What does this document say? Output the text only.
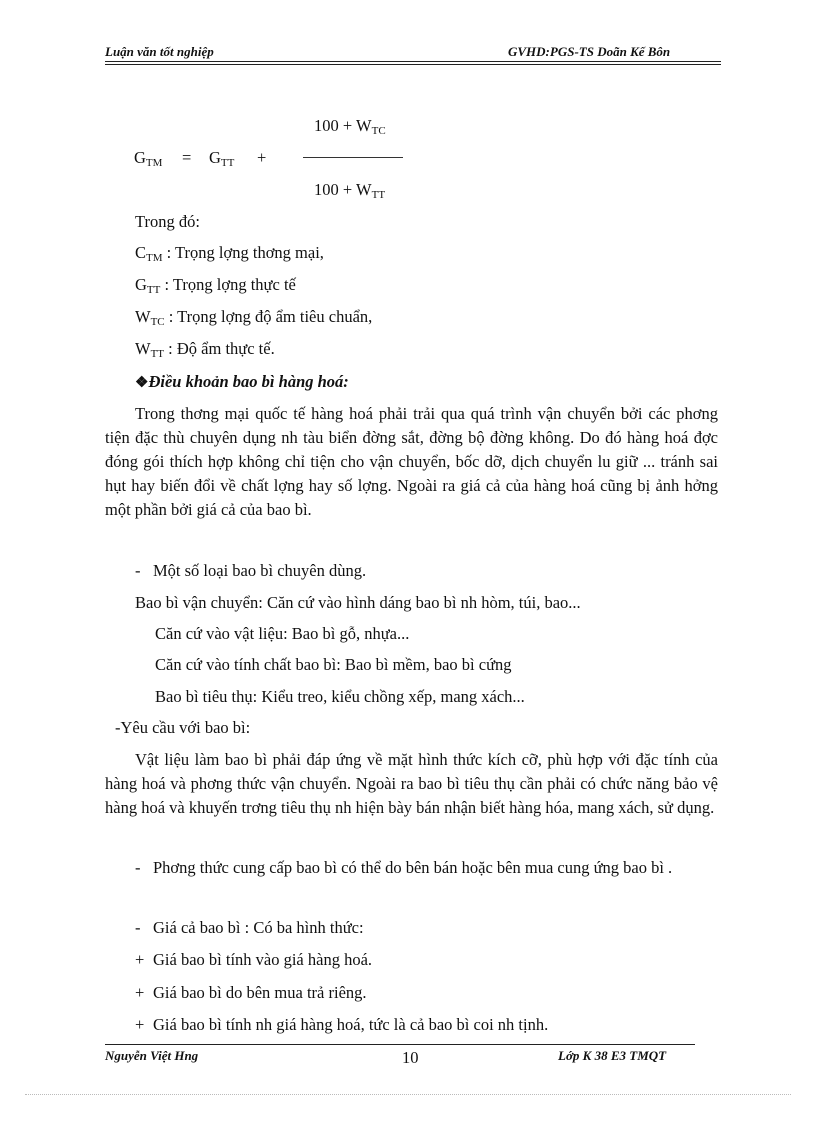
Luận văn tốt nghiệp	GVHD:PGS-TS Doãn Kế Bôn
$100 + W_{TC}$
$G_{TM} = G_{TT}$ +
$100 + W_{TT}$
Trong đó:
$C_{TM}$ : Trọng lợng thơng mại,
$G_{TT}$ : Trọng lợng thực tế
$W_{TC}$ : Trọng lợng độ ẩm tiêu chuẩn,
$W_{TT}$ : Độ ẩm thực tế.
❖Điều khoản bao bì hàng hoá:
Trong thơng mại quốc tế hàng hoá phải trải qua quá trình vận chuyển bởi các phơng tiện đặc thù chuyên dụng nh tàu biển đờng sắt, đờng bộ đờng không. Do đó hàng hoá đợc đóng gói thích hợp không chỉ tiện cho vận chuyển, bốc dỡ, dịch chuyển lu giữ ... tránh sai hụt hay biến đổi về chất lợng hay số lợng. Ngoài ra giá cả của hàng hoá cũng bị ảnh hởng một phần bởi giá cả của bao bì.
- Một số loại bao bì chuyên dùng.
Bao bì vận chuyển: Căn cứ vào hình dáng bao bì nh hòm, túi, bao...
Căn cứ vào vật liệu: Bao bì gỗ, nhựa...
Căn cứ vào tính chất bao bì: Bao bì mềm, bao bì cứng
Bao bì tiêu thụ: Kiểu treo, kiểu chồng xếp, mang xách...
-Yêu cầu với bao bì:
Vật liệu làm bao bì phải đáp ứng về mặt hình thức kích cỡ, phù hợp với đặc tính của hàng hoá và phơng thức vận chuyển. Ngoài ra bao bì tiêu thụ cần phải có chức năng bảo vệ hàng hoá và khuyến trơng tiêu thụ nh hiện bày bán nhận biết hàng hóa, mang xách, sử dụng.
- Phơng thức cung cấp bao bì có thể do bên bán hoặc bên mua cung ứng bao bì .
- Giá cả bao bì : Có ba hình thức:
+ Giá bao bì tính vào giá hàng hoá.
+ Giá bao bì do bên mua trả riêng.
+ Giá bao bì tính nh giá hàng hoá, tức là cả bao bì coi nh tịnh.
Nguyễn Việt Hng	10	Lớp K 38 E3 TMQT
